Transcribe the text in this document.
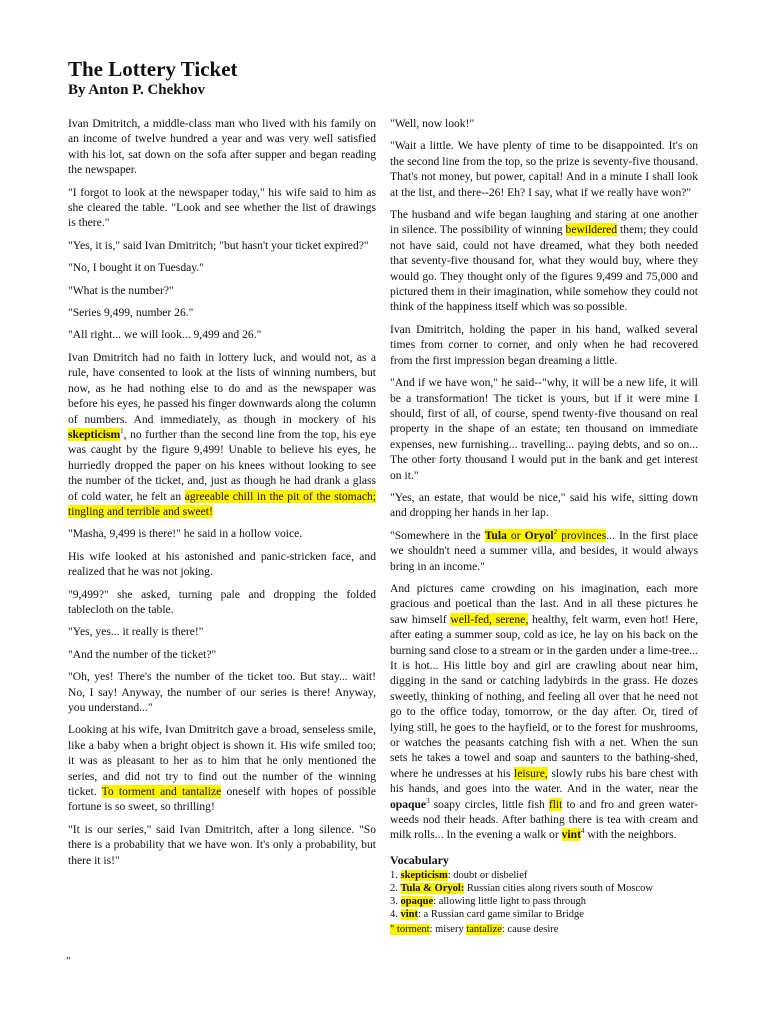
The Lottery Ticket
By Anton P. Chekhov

Ivan Dmitritch, a middle-class man who lived with his family on an income of twelve hundred a year and was very well satisfied with his lot, sat down on the sofa after supper and began reading the newspaper.

"I forgot to look at the newspaper today," his wife said to him as she cleared the table. "Look and see whether the list of drawings is there."

"Yes, it is," said Ivan Dmitritch; "but hasn't your ticket expired?"

"No, I bought it on Tuesday."

"What is the number?"

"Series 9,499, number 26."

"All right... we will look... 9,499 and 26."

Ivan Dmitritch had no faith in lottery luck, and would not, as a rule, have consented to look at the lists of winning numbers, but now, as he had nothing else to do and as the newspaper was before his eyes, he passed his finger downwards along the column of numbers. And immediately, as though in mockery of his skepticism$^1$, no further than the second line from the top, his eye was caught by the figure 9,499! Unable to believe his eyes, he hurriedly dropped the paper on his knees without looking to see the number of the ticket, and, just as though he had drank a glass of cold water, he felt an agreeable chill in the pit of the stomach; tingling and terrible and sweet!

"Masha, 9,499 is there!" he said in a hollow voice.

His wife looked at his astonished and panic-stricken face, and realized that he was not joking.

"9,499?" she asked, turning pale and dropping the folded tablecloth on the table.

"Yes, yes... it really is there!"

"And the number of the ticket?"

"Oh, yes! There's the number of the ticket too. But stay... wait! No, I say! Anyway, the number of our series is there! Anyway, you understand..."

Looking at his wife, Ivan Dmitritch gave a broad, senseless smile, like a baby when a bright object is shown it. His wife smiled too; it was as pleasant to her as to him that he only mentioned the series, and did not try to find out the number of the winning ticket. To torment and tantalize oneself with hopes of possible fortune is so sweet, so thrilling!

"It is our series," said Ivan Dmitritch, after a long silence. "So there is a probability that we have won. It's only a probability, but there it is!"

"

"Well, now look!"

"Wait a little. We have plenty of time to be disappointed. It's on the second line from the top, so the prize is seventy-five thousand. That's not money, but power, capital! And in a minute I shall look at the list, and there--26! Eh? I say, what if we really have won?"

The husband and wife began laughing and staring at one another in silence. The possibility of winning bewildered them; they could not have said, could not have dreamed, what they both needed that seventy-five thousand for, what they would buy, where they would go. They thought only of the figures 9,499 and 75,000 and pictured them in their imagination, while somehow they could not think of the happiness itself which was so possible.

Ivan Dmitritch, holding the paper in his hand, walked several times from corner to corner, and only when he had recovered from the first impression began dreaming a little.

"And if we have won," he said--"why, it will be a new life, it will be a transformation! The ticket is yours, but if it were mine I should, first of all, of course, spend twenty-five thousand on real property in the shape of an estate; ten thousand on immediate expenses, new furnishing... travelling... paying debts, and so on... The other forty thousand I would put in the bank and get interest on it."

"Yes, an estate, that would be nice," said his wife, sitting down and dropping her hands in her lap.

"Somewhere in the Tula or Oryol$^2$ provinces... In the first place we shouldn't need a summer villa, and besides, it would always bring in an income."

And pictures came crowding on his imagination, each more gracious and poetical than the last. And in all these pictures he saw himself well-fed, serene, healthy, felt warm, even hot! Here, after eating a summer soup, cold as ice, he lay on his back on the burning sand close to a stream or in the garden under a lime-tree... It is hot... His little boy and girl are crawling about near him, digging in the sand or catching ladybirds in the grass. He dozes sweetly, thinking of nothing, and feeling all over that he need not go to the office today, tomorrow, or the day after. Or, tired of lying still, he goes to the hayfield, or to the forest for mushrooms, or watches the peasants catching fish with a net. When the sun sets he takes a towel and soap and saunters to the bathing-shed, where he undresses at his leisure, slowly rubs his bare chest with his hands, and goes into the water. And in the water, near the opaque$^3$ soapy circles, little fish flit to and fro and green water-weeds nod their heads. After bathing there is tea with cream and milk rolls... In the evening a walk or vint$^4$ with the neighbors.

Vocabulary
1. skepticism: doubt or disbelief
2. Tula & Oryol: Russian cities along rivers south of Moscow
3. opaque: allowing little light to pass through
4. vint: a Russian card game similar to Bridge
" torment: misery tantalize: cause desire
